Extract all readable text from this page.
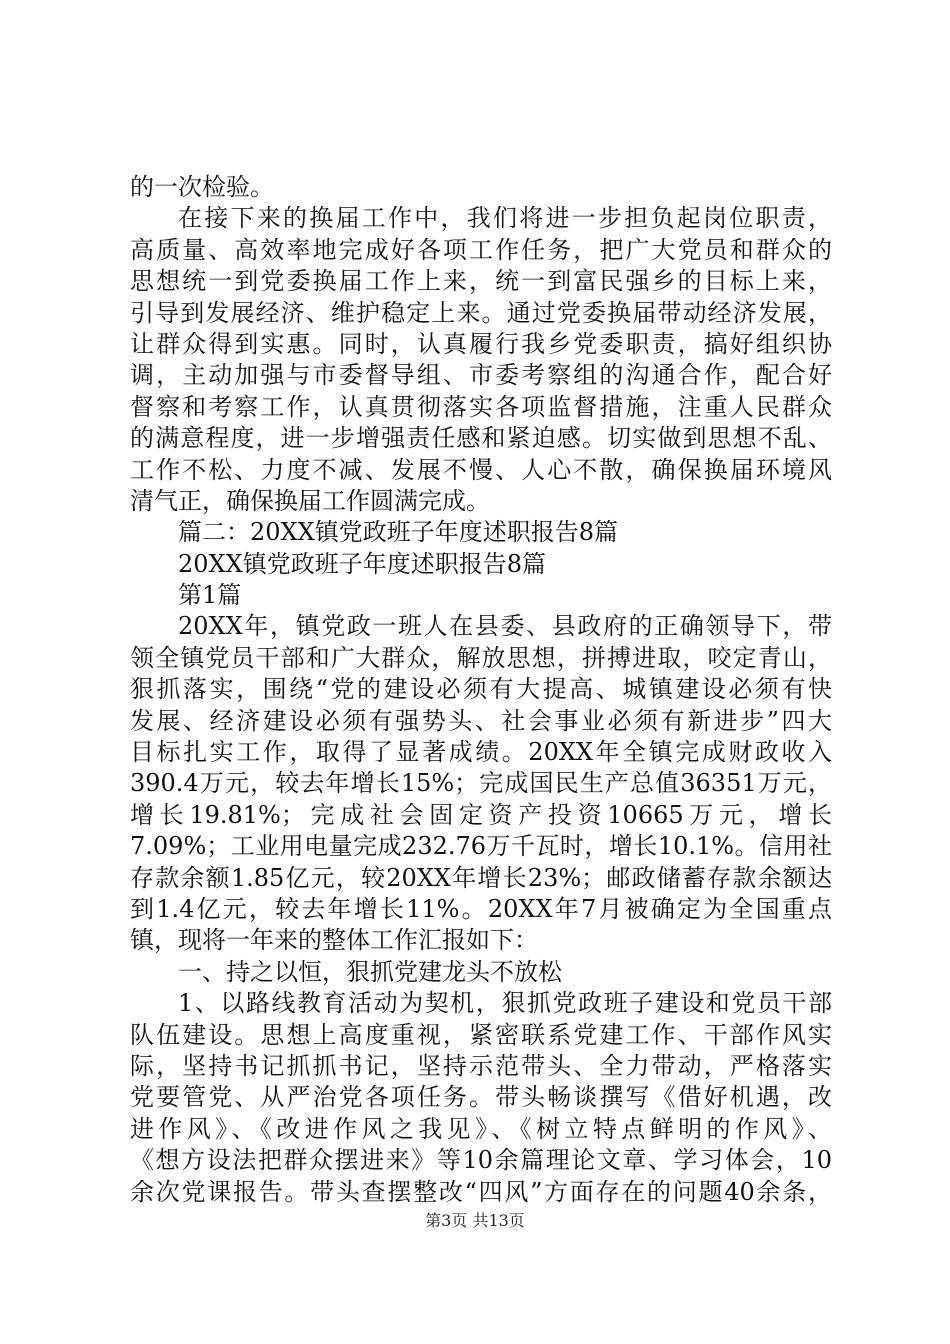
的一次检验。
在接下来的换届工作中，我们将进一步担负起岗位职责，
高质量、高效率地完成好各项工作任务，把广大党员和群众的
思想统一到党委换届工作上来，统一到富民强乡的目标上来，
引导到发展经济、维护稳定上来。通过党委换届带动经济发展，
让群众得到实惠。同时，认真履行我乡党委职责，搞好组织协
调，主动加强与市委督导组、市委考察组的沟通合作，配合好
督察和考察工作，认真贯彻落实各项监督措施，注重人民群众
的满意程度，进一步增强责任感和紧迫感。切实做到思想不乱、
工作不松、力度不减、发展不慢、人心不散，确保换届环境风
清气正，确保换届工作圆满完成。
篇二：20XX镇党政班子年度述职报告8篇
20XX镇党政班子年度述职报告8篇
第1篇
20XX年，镇党政一班人在县委、县政府的正确领导下，带
领全镇党员干部和广大群众，解放思想，拼搏进取，咬定青山，
狠抓落实，围绕“党的建设必须有大提高、城镇建设必须有快
发展、经济建设必须有强势头、社会事业必须有新进步”四大
目标扎实工作，取得了显著成绩。20XX年全镇完成财政收入
390.4万元，较去年增长15%；完成国民生产总值36351万元，
增长19.81%；完成社会固定资产投资10665万元，增长
7.09%；工业用电量完成232.76万千瓦时，增长10.1%。信用社
存款余额1.85亿元，较20XX年增长23%；邮政储蓄存款余额达
到1.4亿元，较去年增长11%。20XX年7月被确定为全国重点
镇，现将一年来的整体工作汇报如下：
一、持之以恒，狠抓党建龙头不放松
1、以路线教育活动为契机，狠抓党政班子建设和党员干部
队伍建设。思想上高度重视，紧密联系党建工作、干部作风实
际，坚持书记抓抓书记，坚持示范带头、全力带动，严格落实
党要管党、从严治党各项任务。带头畅谈撰写《借好机遇，改
进作风》、《改进作风之我见》、《树立特点鲜明的作风》、
《想方设法把群众摆进来》等10余篇理论文章、学习体会，10
余次党课报告。带头查摆整改“四风”方面存在的问题40余条，
第3页 共13页
